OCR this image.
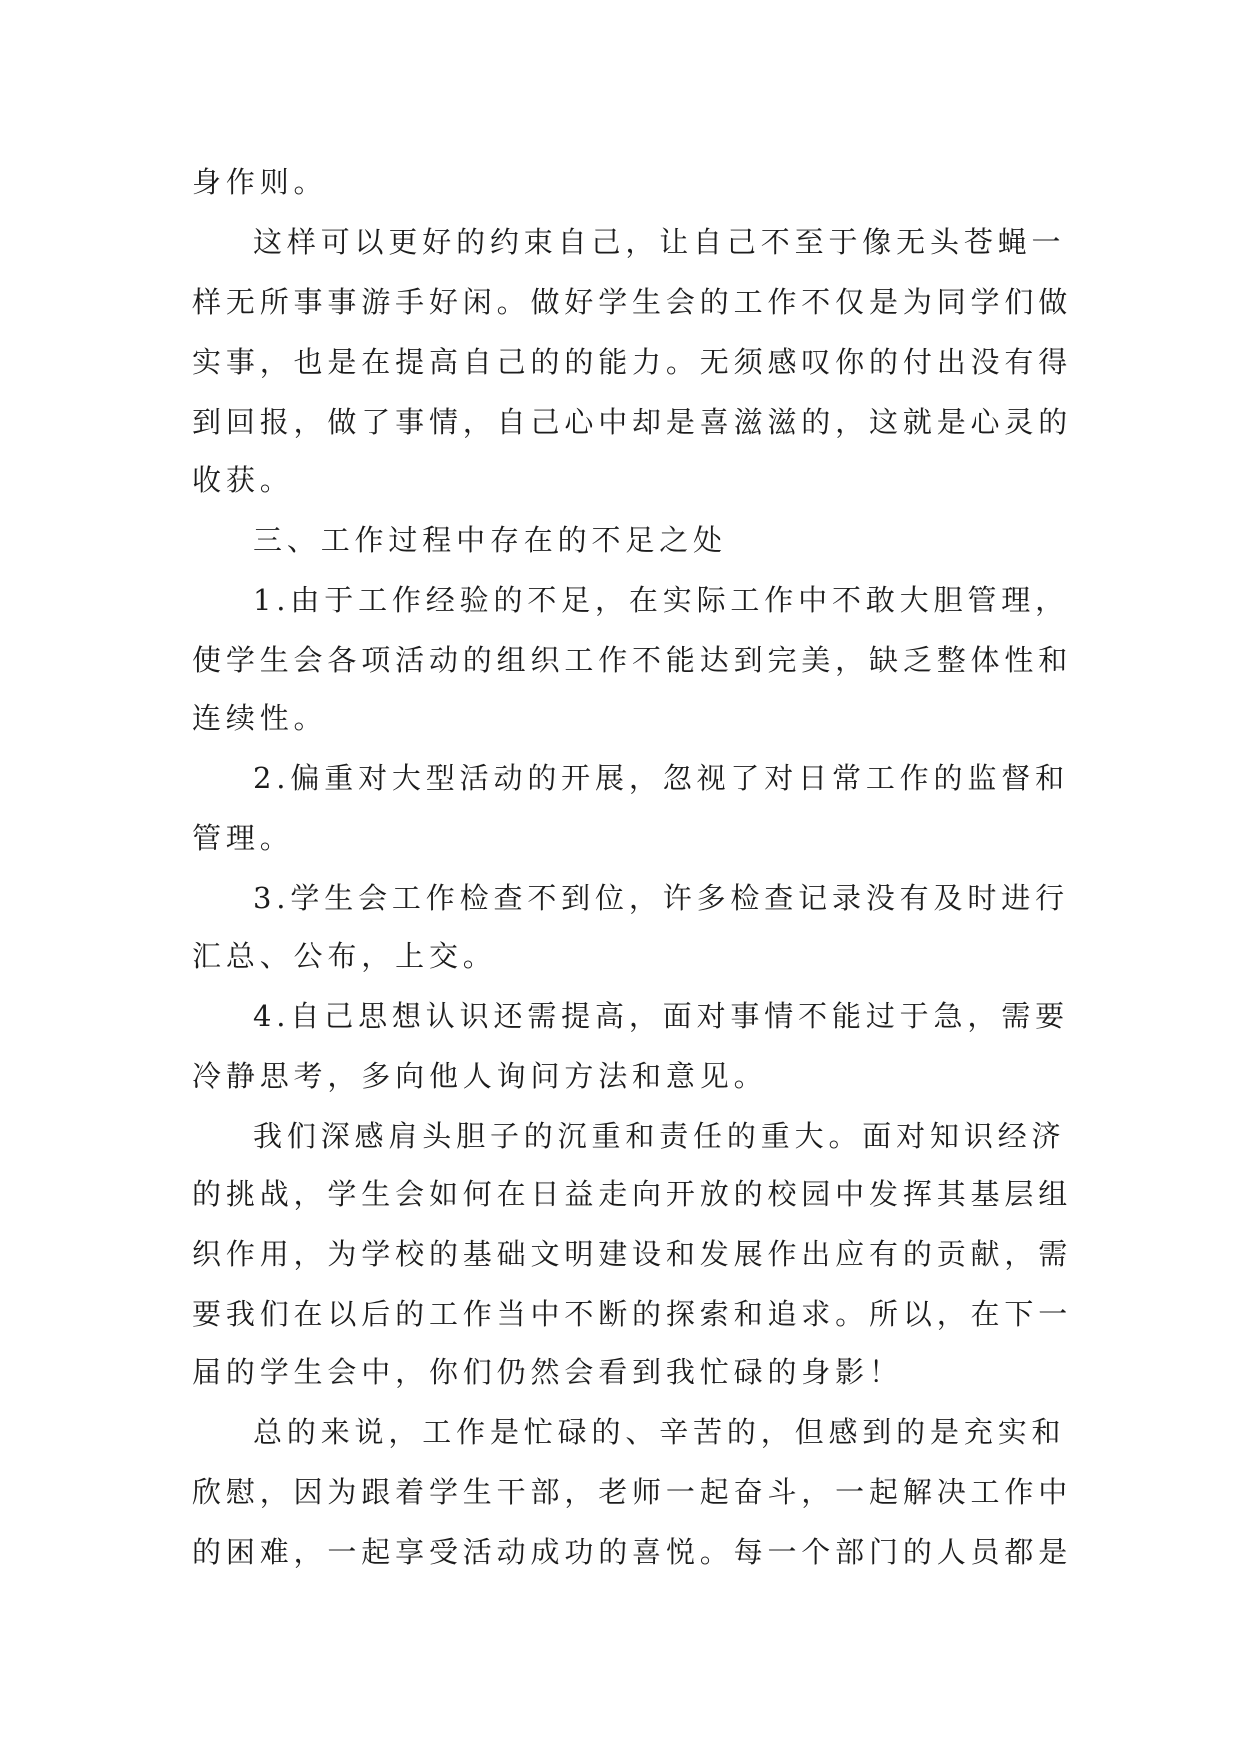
身作则。
这样可以更好的约束自己，让自己不至于像无头苍蝇一
样无所事事游手好闲。做好学生会的工作不仅是为同学们做
实事，也是在提高自己的的能力。无须感叹你的付出没有得
到回报，做了事情，自己心中却是喜滋滋的，这就是心灵的
收获。
三、工作过程中存在的不足之处
1.由于工作经验的不足，在实际工作中不敢大胆管理，
使学生会各项活动的组织工作不能达到完美，缺乏整体性和
连续性。
2.偏重对大型活动的开展，忽视了对日常工作的监督和
管理。
3.学生会工作检查不到位，许多检查记录没有及时进行
汇总、公布，上交。
4.自己思想认识还需提高，面对事情不能过于急，需要
冷静思考，多向他人询问方法和意见。
我们深感肩头胆子的沉重和责任的重大。面对知识经济
的挑战，学生会如何在日益走向开放的校园中发挥其基层组
织作用，为学校的基础文明建设和发展作出应有的贡献，需
要我们在以后的工作当中不断的探索和追求。所以，在下一
届的学生会中，你们仍然会看到我忙碌的身影！
总的来说，工作是忙碌的、辛苦的，但感到的是充实和
欣慰，因为跟着学生干部，老师一起奋斗，一起解决工作中
的困难，一起享受活动成功的喜悦。每一个部门的人员都是
